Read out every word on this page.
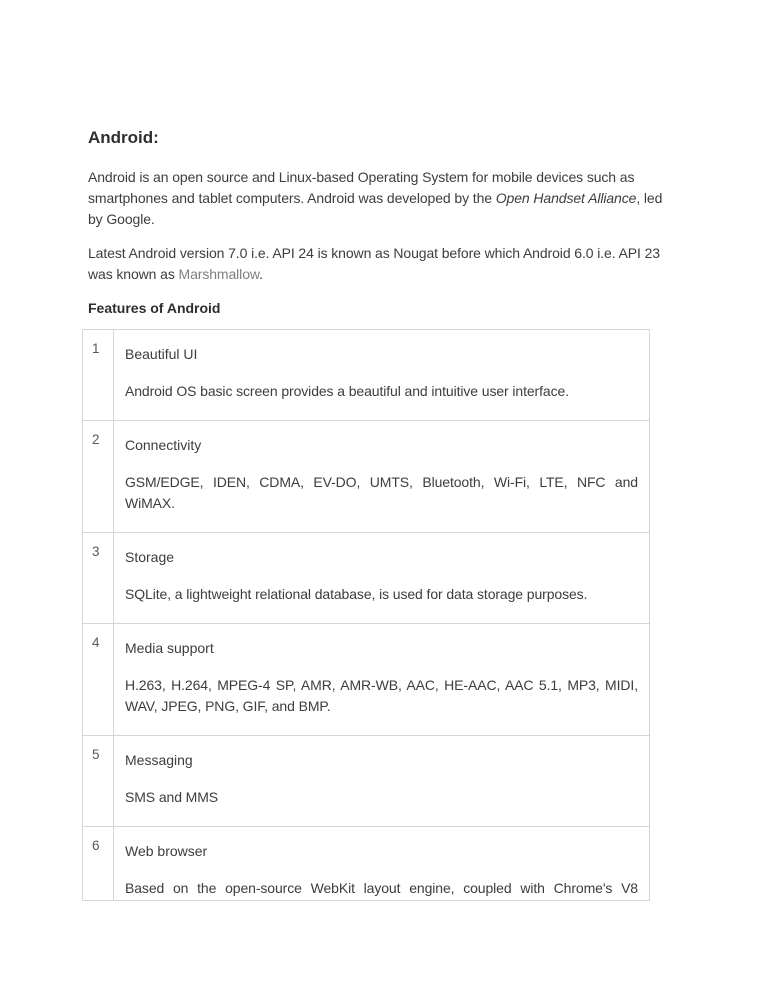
Android:

Android is an open source and Linux-based Operating System for mobile devices such as smartphones and tablet computers. Android was developed by the Open Handset Alliance, led by Google.

Latest Android version 7.0 i.e. API 24 is known as Nougat before which Android 6.0 i.e. API 23 was known as Marshmallow.

Features of Android
1	Beautiful UI

Android OS basic screen provides a beautiful and intuitive user interface.

2	Connectivity

GSM/EDGE, IDEN, CDMA, EV-DO, UMTS, Bluetooth, Wi-Fi, LTE, NFC and WiMAX.

3	Storage

SQLite, a lightweight relational database, is used for data storage purposes.

4	Media support

H.263, H.264, MPEG-4 SP, AMR, AMR-WB, AAC, HE-AAC, AAC 5.1, MP3, MIDI, WAV, JPEG, PNG, GIF, and BMP.

5	Messaging

SMS and MMS

6	Web browser

Based on the open-source WebKit layout engine, coupled with Chrome's V8
